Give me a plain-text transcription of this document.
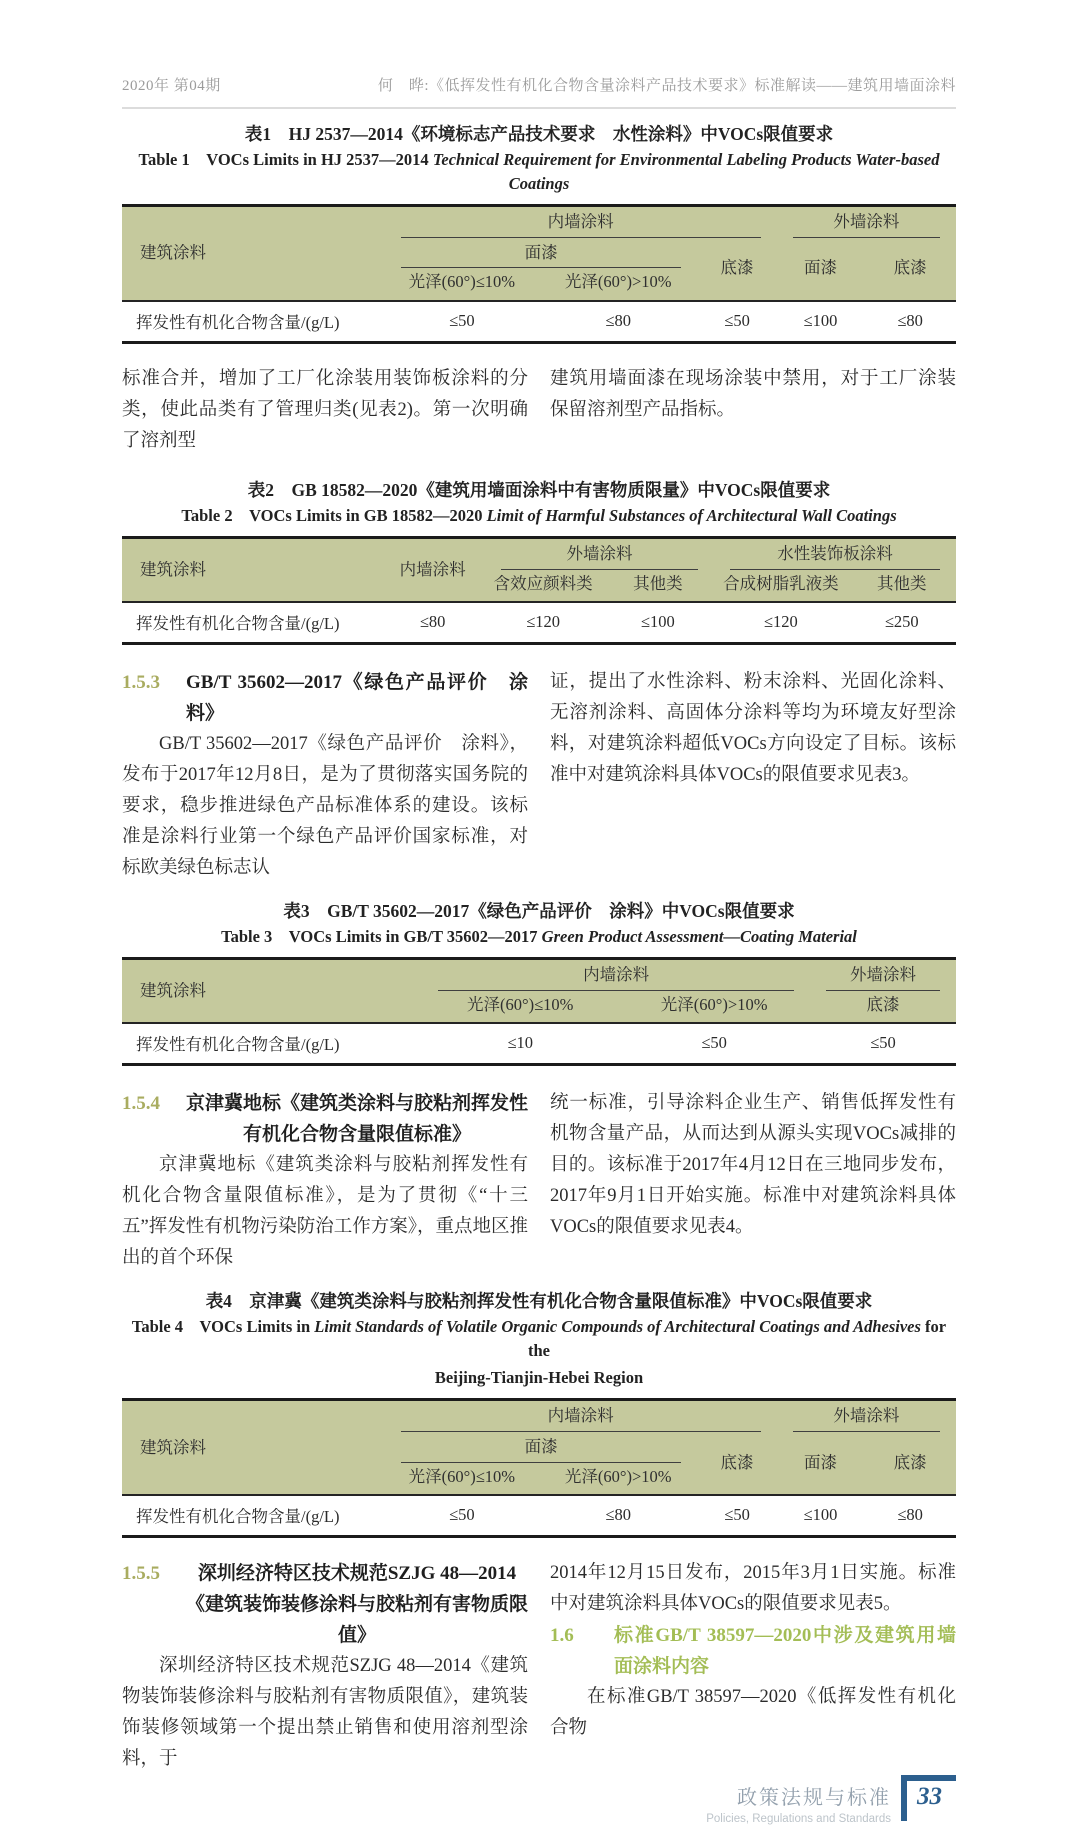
2020年 第04期	何　晔:《低挥发性有机化合物含量涂料产品技术要求》标准解读——建筑用墙面涂料
表1　HJ 2537—2014《环境标志产品技术要求　水性涂料》中VOCs限值要求
Table 1　VOCs Limits in HJ 2537—2014 Technical Requirement for Environmental Labeling Products Water-based Coatings
建筑涂料	内墙涂料			外墙涂料	

	面漆		底漆	面漆	底漆
	光泽(60°)≤10%	光泽(60°)>10%			
挥发性有机化合物含量/(g/L)	≤50	≤80	≤50	≤100	≤80

标准合并，增加了工厂化涂装用装饰板涂料的分类，使此品类有了管理归类(见表2)。第一次明确了溶剂型

建筑用墙面漆在现场涂装中禁用，对于工厂涂装保留溶剂型产品指标。

表2　GB 18582—2020《建筑用墙面涂料中有害物质限量》中VOCs限值要求
Table 2　VOCs Limits in GB 18582—2020 Limit of Harmful Substances of Architectural Wall Coatings
建筑涂料	内墙涂料	外墙涂料		水性装饰板涂料	

		含效应颜料类	其他类	合成树脂乳液类	其他类
挥发性有机化合物含量/(g/L)	≤80	≤120	≤100	≤120	≤250
1.5.3	GB/T 35602—2017《绿色产品评价　涂料》

GB/T 35602—2017《绿色产品评价　涂料》，发布于2017年12月8日，是为了贯彻落实国务院的要求，稳步推进绿色产品标准体系的建设。该标准是涂料行业第一个绿色产品评价国家标准，对标欧美绿色标志认

证，提出了水性涂料、粉末涂料、光固化涂料、无溶剂涂料、高固体分涂料等均为环境友好型涂料，对建筑涂料超低VOCs方向设定了目标。该标准中对建筑涂料具体VOCs的限值要求见表3。

表3　GB/T 35602—2017《绿色产品评价　涂料》中VOCs限值要求
Table 3　VOCs Limits in GB/T 35602—2017 Green Product Assessment—Coating Material
建筑涂料	内墙涂料		外墙涂料

	光泽(60°)≤10%	光泽(60°)>10%	底漆
挥发性有机化合物含量/(g/L)	≤10	≤50	≤50
1.5.4	京津冀地标《建筑类涂料与胶粘剂挥发性有机化合物含量限值标准》

京津冀地标《建筑类涂料与胶粘剂挥发性有机化合物含量限值标准》，是为了贯彻《“十三五”挥发性有机物污染防治工作方案》，重点地区推出的首个环保

统一标准，引导涂料企业生产、销售低挥发性有机物含量产品，从而达到从源头实现VOCs减排的目的。该标准于2017年4月12日在三地同步发布，2017年9月1日开始实施。标准中对建筑涂料具体VOCs的限值要求见表4。

表4　京津冀《建筑类涂料与胶粘剂挥发性有机化合物含量限值标准》中VOCs限值要求
Table 4　VOCs Limits in Limit Standards of Volatile Organic Compounds of Architectural Coatings and Adhesives for the
Beijing-Tianjin-Hebei Region
建筑涂料	内墙涂料			外墙涂料	

	面漆		底漆	面漆	底漆
	光泽(60°)≤10%	光泽(60°)>10%			
挥发性有机化合物含量/(g/L)	≤50	≤80	≤50	≤100	≤80
1.5.5	深圳经济特区技术规范SZJG 48—2014《建筑装饰装修涂料与胶粘剂有害物质限值》

深圳经济特区技术规范SZJG 48—2014《建筑物装饰装修涂料与胶粘剂有害物质限值》，建筑装饰装修领域第一个提出禁止销售和使用溶剂型涂料，于

2014年12月15日发布，2015年3月1日实施。标准中对建筑涂料具体VOCs的限值要求见表5。

1.6	标准GB/T 38597—2020中涉及建筑用墙面涂料内容

在标准GB/T 38597—2020《低挥发性有机化合物

政策法规与标准
Policies, Regulations and Standards
33
